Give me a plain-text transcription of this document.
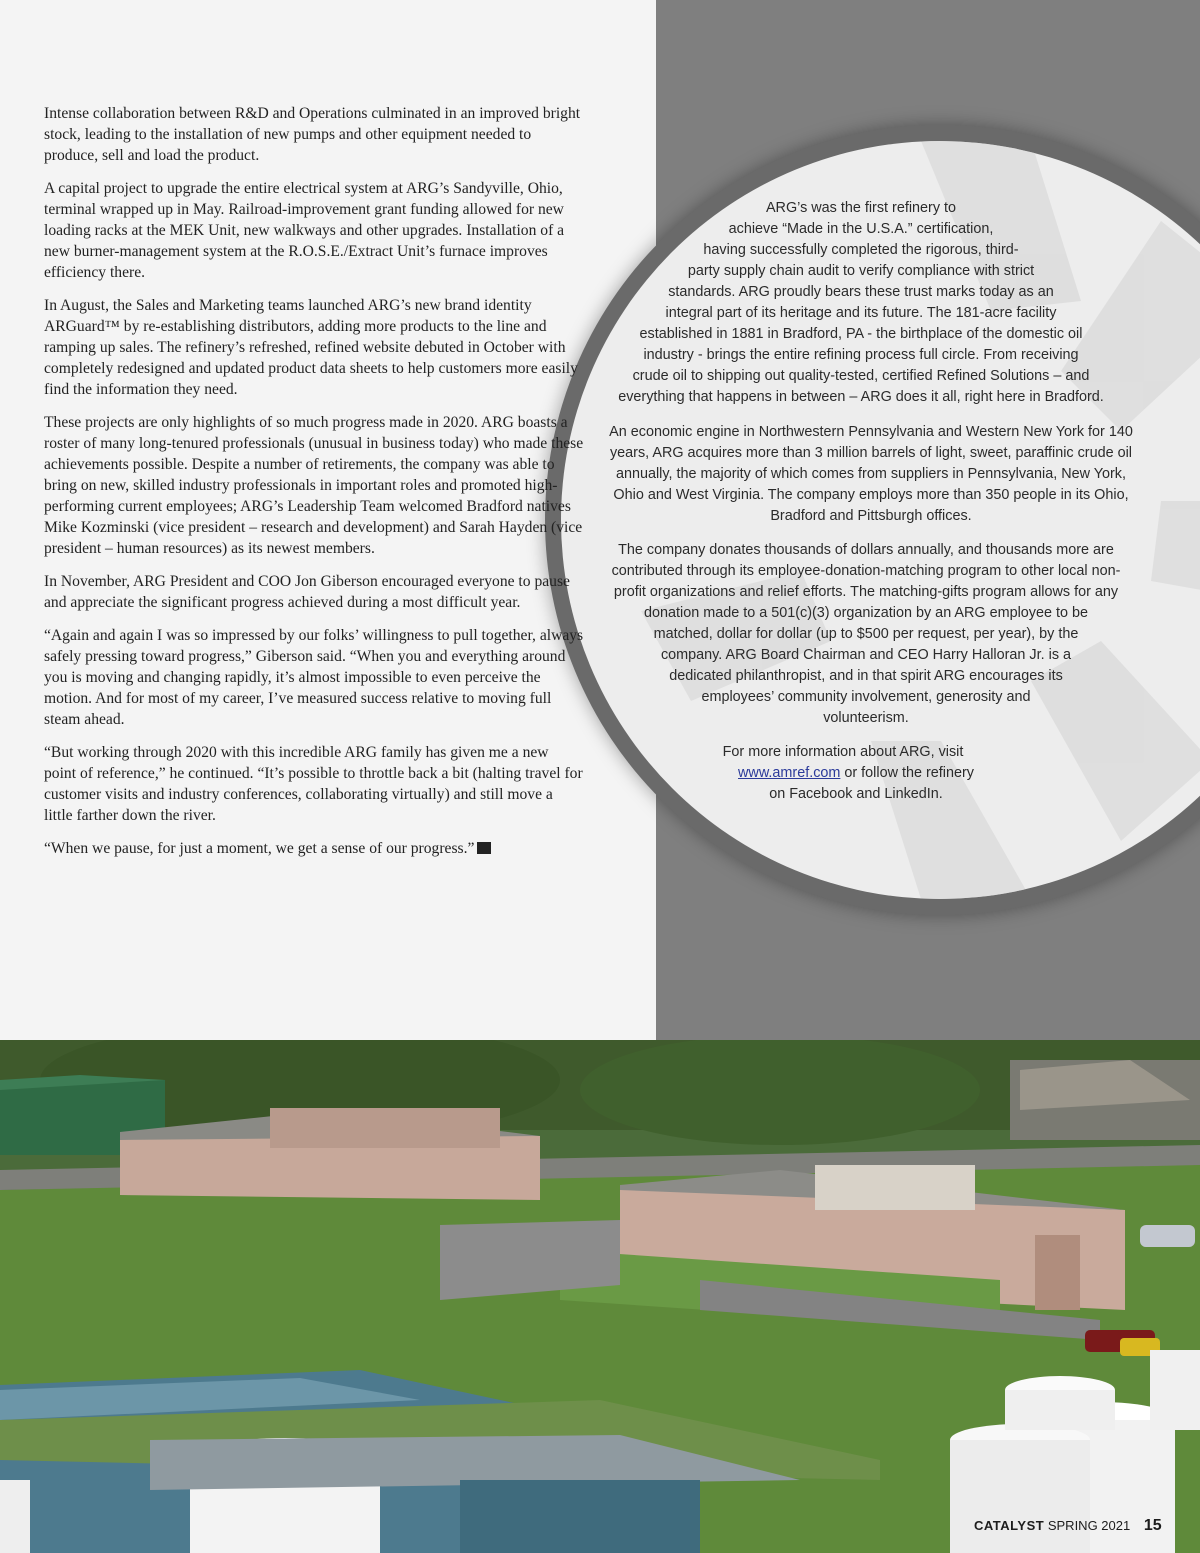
Intense collaboration between R&D and Operations culminated in an improved bright stock, leading to the installation of new pumps and other equipment needed to produce, sell and load the product.

A capital project to upgrade the entire electrical system at ARG’s Sandyville, Ohio, terminal wrapped up in May. Railroad-improvement grant funding allowed for new loading racks at the MEK Unit, new walkways and other upgrades. Installation of a new burner-management system at the R.O.S.E./Extract Unit’s furnace improves efficiency there.

In August, the Sales and Marketing teams launched ARG’s new brand identity ARGuard™ by re-establishing distributors, adding more products to the line and ramping up sales. The refinery’s refreshed, refined website debuted in October with completely redesigned and updated product data sheets to help customers more easily find the information they need.

These projects are only highlights of so much progress made in 2020. ARG boasts a roster of many long-tenured professionals (unusual in business today) who made these achievements possible. Despite a number of retirements, the company was able to bring on new, skilled industry professionals in important roles and promoted high-performing current employees; ARG’s Leadership Team welcomed Bradford natives Mike Kozminski (vice president – research and development) and Sarah Hayden (vice president – human resources) as its newest members.

In November, ARG President and COO Jon Giberson encouraged everyone to pause and appreciate the significant progress achieved during a most difficult year.

“Again and again I was so impressed by our folks’ willingness to pull together, always safely pressing toward progress,” Giberson said. “When you and everything around you is moving and changing rapidly, it’s almost impossible to even perceive the motion. And for most of my career, I’ve measured success relative to moving full steam ahead.

“But working through 2020 with this incredible ARG family has given me a new point of reference,” he continued. “It’s possible to throttle back a bit (halting travel for customer visits and industry conferences, collaborating virtually) and still move a little farther down the river.

“When we pause, for just a moment, we get a sense of our progress.”

ARG’s was the first refinery to
achieve “Made in the U.S.A.” certification,
having successfully completed the rigorous, third-
party supply chain audit to verify compliance with strict
standards. ARG proudly bears these trust marks today as an
integral part of its heritage and its future. The 181-acre facility
established in 1881 in Bradford, PA - the birthplace of the domestic oil
industry - brings the entire refining process full circle. From receiving
crude oil to shipping out quality-tested, certified Refined Solutions – and
everything that happens in between – ARG does it all, right here in Bradford.
An economic engine in Northwestern Pennsylvania and Western New York for 140
years, ARG acquires more than 3 million barrels of light, sweet, paraffinic crude oil
annually, the majority of which comes from suppliers in Pennsylvania, New York,
Ohio and West Virginia. The company employs more than 350 people in its Ohio,
Bradford and Pittsburgh offices.
The company donates thousands of dollars annually, and thousands more are
contributed through its employee-donation-matching program to other local non-
profit organizations and relief efforts. The matching-gifts program allows for any
donation made to a 501(c)(3) organization by an ARG employee to be
matched, dollar for dollar (up to $500 per request, per year), by the
company. ARG Board Chairman and CEO Harry Halloran Jr. is a
dedicated philanthropist, and in that spirit ARG encourages its
employees’ community involvement, generosity and
volunteerism.
For more information about ARG, visit
www.amref.com or follow the refinery
on Facebook and LinkedIn.
CATALYST SPRING 2021 15
